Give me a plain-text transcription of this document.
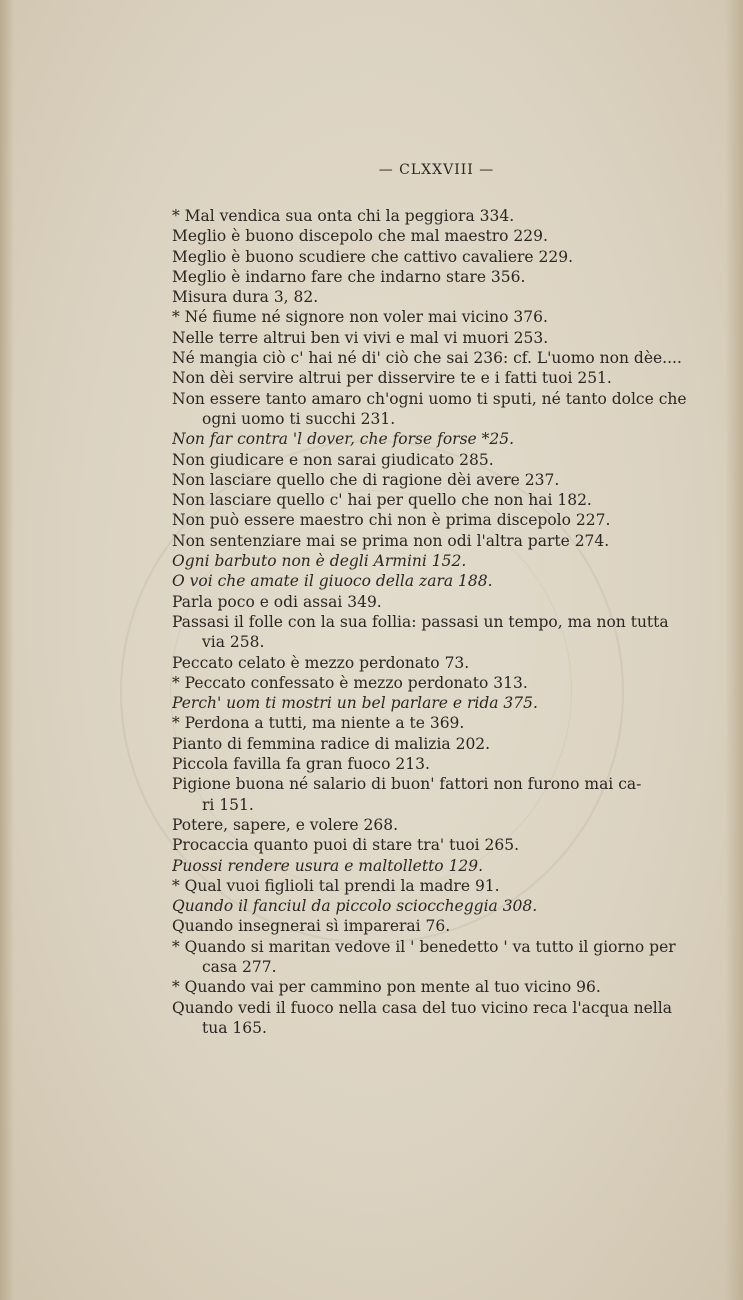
— CLXXVIII —
* Mal vendica sua onta chi la peggiora 334.
Meglio è buono discepolo che mal maestro 229.
Meglio è buono scudiere che cattivo cavaliere 229.
Meglio è indarno fare che indarno stare 356.
Misura dura 3, 82.
* Né fiume né signore non voler mai vicino 376.
Nelle terre altrui ben vi vivi e mal vi muori 253.
Né mangia ciò c' hai né di' ciò che sai 236: cf. L'uomo non dèe....
Non dèi servire altrui per disservire te e i fatti tuoi 251.
Non essere tanto amaro ch'ogni uomo ti sputi, né tanto dolce che
ogni uomo ti succhi 231.
Non far contra 'l dover, che forse forse *25.
Non giudicare e non sarai giudicato 285.
Non lasciare quello che di ragione dèi avere 237.
Non lasciare quello c' hai per quello che non hai 182.
Non può essere maestro chi non è prima discepolo 227.
Non sentenziare mai se prima non odi l'altra parte 274.
Ogni barbuto non è degli Armini 152.
O voi che amate il giuoco della zara 188.
Parla poco e odi assai 349.
Passasi il folle con la sua follia: passasi un tempo, ma non tutta
via 258.
Peccato celato è mezzo perdonato 73.
* Peccato confessato è mezzo perdonato 313.
Perch' uom ti mostri un bel parlare e rida 375.
* Perdona a tutti, ma niente a te 369.
Pianto di femmina radice di malizia 202.
Piccola favilla fa gran fuoco 213.
Pigione buona né salario di buon' fattori non furono mai ca-
ri 151.
Potere, sapere, e volere 268.
Procaccia quanto puoi di stare tra' tuoi 265.
Puossi rendere usura e maltolletto 129.
* Qual vuoi figlioli tal prendi la madre 91.
Quando il fanciul da piccolo sciocchеggia 308.
Quando insegnerai sì imparerai 76.
* Quando si maritan vedove il ' benedetto ' va tutto il giorno per
casa 277.
* Quando vai per cammino pon mente al tuo vicino 96.
Quando vedi il fuoco nella casa del tuo vicino reca l'acqua nella
tua 165.
